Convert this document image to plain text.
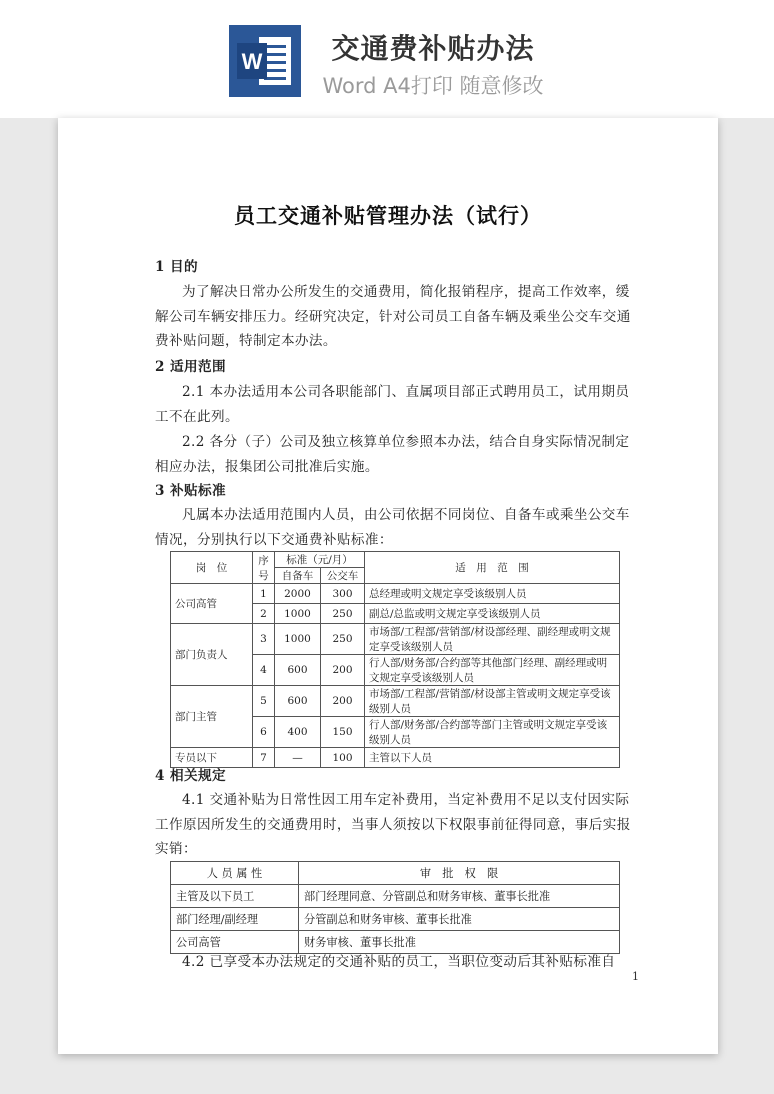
W	交通费补贴办法
Word A4打印 随意修改
员工交通补贴管理办法（试行）
1 目的
为了解决日常办公所发生的交通费用，简化报销程序，提高工作效率，缓解公司车辆安排压力。经研究决定，针对公司员工自备车辆及乘坐公交车交通费补贴问题，特制定本办法。
2 适用范围
2.1 本办法适用本公司各职能部门、直属项目部正式聘用员工，试用期员工不在此列。
2.2 各分（子）公司及独立核算单位参照本办法，结合自身实际情况制定相应办法，报集团公司批准后实施。
3 补贴标准
凡属本办法适用范围内人员，由公司依据不同岗位、自备车或乘坐公交车情况，分别执行以下交通费补贴标准：
岗　位	序号	标准（元/月）		适　用　范　围
		自备车	公交车	
公司高管	1	2000	300	总经理或明文规定享受该级别人员
	2	1000	250	副总/总监或明文规定享受该级别人员
部门负责人	3	1000	250	市场部/工程部/营销部/材设部经理、副经理或明文规定享受该级别人员
	4	600	200	行人部/财务部/合约部等其他部门经理、副经理或明文规定享受该级别人员
部门主管	5	600	200	市场部/工程部/营销部/材设部主管或明文规定享受该级别人员
	6	400	150	行人部/财务部/合约部等部门主管或明文规定享受该级别人员
专员以下	7	—	100	主管以下人员
4 相关规定
4.1 交通补贴为日常性因工用车定补费用，当定补费用不足以支付因实际工作原因所发生的交通费用时，当事人须按以下权限事前征得同意，事后实报实销：
人 员 属 性	审　批　权　限
主管及以下员工	部门经理同意、分管副总和财务审核、董事长批准
部门经理/副经理	分管副总和财务审核、董事长批准
公司高管	财务审核、董事长批准
4.2 已享受本办法规定的交通补贴的员工，当职位变动后其补贴标准自
1
